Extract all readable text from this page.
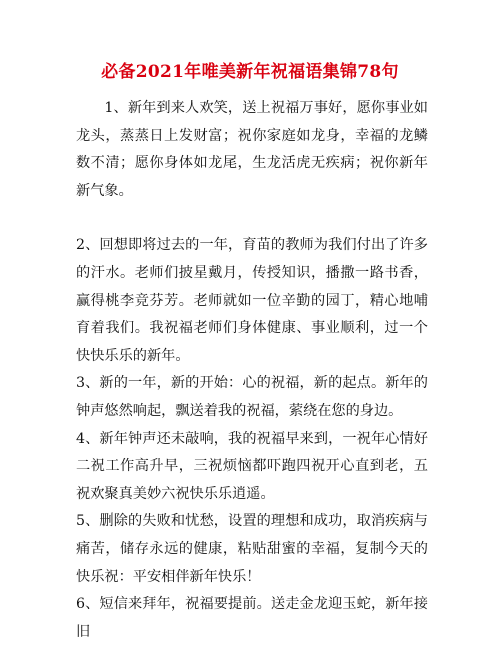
必备2021年唯美新年祝福语集锦78句

1、新年到来人欢笑，送上祝福万事好，愿你事业如龙头，蒸蒸日上发财富；祝你家庭如龙身，幸福的龙鳞数不清；愿你身体如龙尾，生龙活虎无疾病；祝你新年新气象。

2、回想即将过去的一年，育苗的教师为我们付出了许多的汗水。老师们披星戴月，传授知识，播撒一路书香，赢得桃李竞芬芳。老师就如一位辛勤的园丁，精心地哺育着我们。我祝福老师们身体健康、事业顺利，过一个快快乐乐的新年。

3、新的一年，新的开始：心的祝福，新的起点。新年的钟声悠然响起，飘送着我的祝福，萦绕在您的身边。

4、新年钟声还未敲响，我的祝福早来到，一祝年心情好二祝工作高升早，三祝烦恼都吓跑四祝开心直到老，五祝欢聚真美妙六祝快乐乐逍遥。

5、删除的失败和忧愁，设置的理想和成功，取消疾病与痛苦，储存永远的健康，粘贴甜蜜的幸福，复制今天的快乐祝：平安相伴新年快乐！

6、短信来拜年，祝福要提前。送走金龙迎玉蛇，新年接旧
